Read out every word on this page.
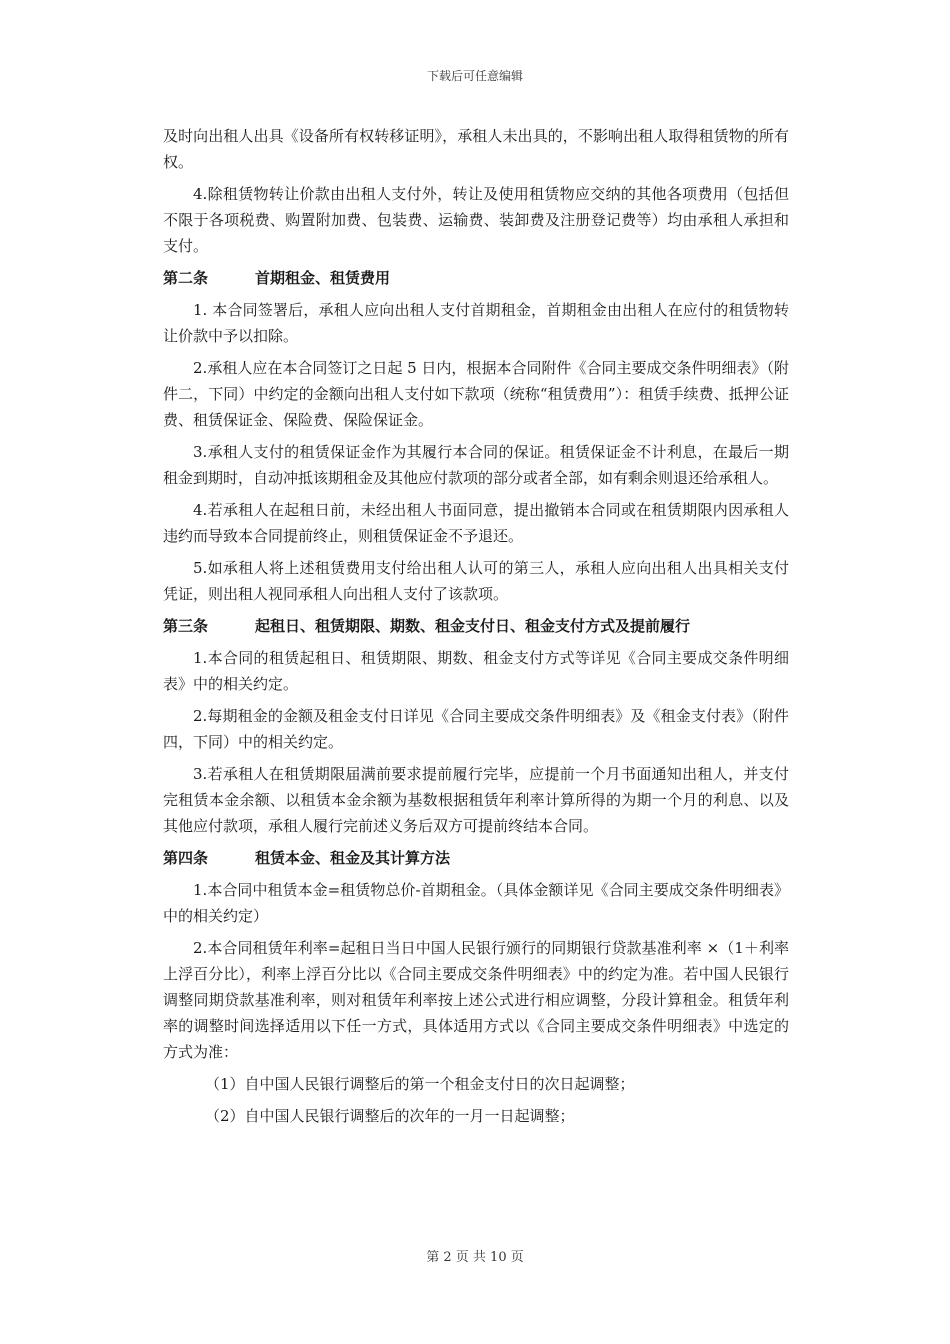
下载后可任意编辑

及时向出租人出具《设备所有权转移证明》，承租人未出具的，不影响出租人取得租赁物的所有权。

4.除租赁物转让价款由出租人支付外，转让及使用租赁物应交纳的其他各项费用（包括但不限于各项税费、购置附加费、包装费、运输费、装卸费及注册登记费等）均由承租人承担和支付。

第二条	首期租金、租赁费用

1. 本合同签署后，承租人应向出租人支付首期租金，首期租金由出租人在应付的租赁物转让价款中予以扣除。

2.承租人应在本合同签订之日起 5 日内，根据本合同附件《合同主要成交条件明细表》（附件二，下同）中约定的金额向出租人支付如下款项（统称“租赁费用”）：租赁手续费、抵押公证费、租赁保证金、保险费、保险保证金。

3.承租人支付的租赁保证金作为其履行本合同的保证。租赁保证金不计利息，在最后一期租金到期时，自动冲抵该期租金及其他应付款项的部分或者全部，如有剩余则退还给承租人。

4.若承租人在起租日前，未经出租人书面同意，提出撤销本合同或在租赁期限内因承租人违约而导致本合同提前终止，则租赁保证金不予退还。

5.如承租人将上述租赁费用支付给出租人认可的第三人，承租人应向出租人出具相关支付凭证，则出租人视同承租人向出租人支付了该款项。

第三条	起租日、租赁期限、期数、租金支付日、租金支付方式及提前履行

1.本合同的租赁起租日、租赁期限、期数、租金支付方式等详见《合同主要成交条件明细表》中的相关约定。

2.每期租金的金额及租金支付日详见《合同主要成交条件明细表》及《租金支付表》（附件四，下同）中的相关约定。

3.若承租人在租赁期限届满前要求提前履行完毕，应提前一个月书面通知出租人，并支付完租赁本金余额、以租赁本金余额为基数根据租赁年利率计算所得的为期一个月的利息、以及其他应付款项，承租人履行完前述义务后双方可提前终结本合同。

第四条	租赁本金、租金及其计算方法

1.本合同中租赁本金=租赁物总价-首期租金。（具体金额详见《合同主要成交条件明细表》中的相关约定）

2.本合同租赁年利率=起租日当日中国人民银行颁行的同期银行贷款基准利率 ×（1＋利率上浮百分比），利率上浮百分比以《合同主要成交条件明细表》中的约定为准。若中国人民银行调整同期贷款基准利率，则对租赁年利率按上述公式进行相应调整，分段计算租金。租赁年利率的调整时间选择适用以下任一方式，具体适用方式以《合同主要成交条件明细表》中选定的方式为准：

（1）自中国人民银行调整后的第一个租金支付日的次日起调整；

（2）自中国人民银行调整后的次年的一月一日起调整；

第 2 页 共 10 页
